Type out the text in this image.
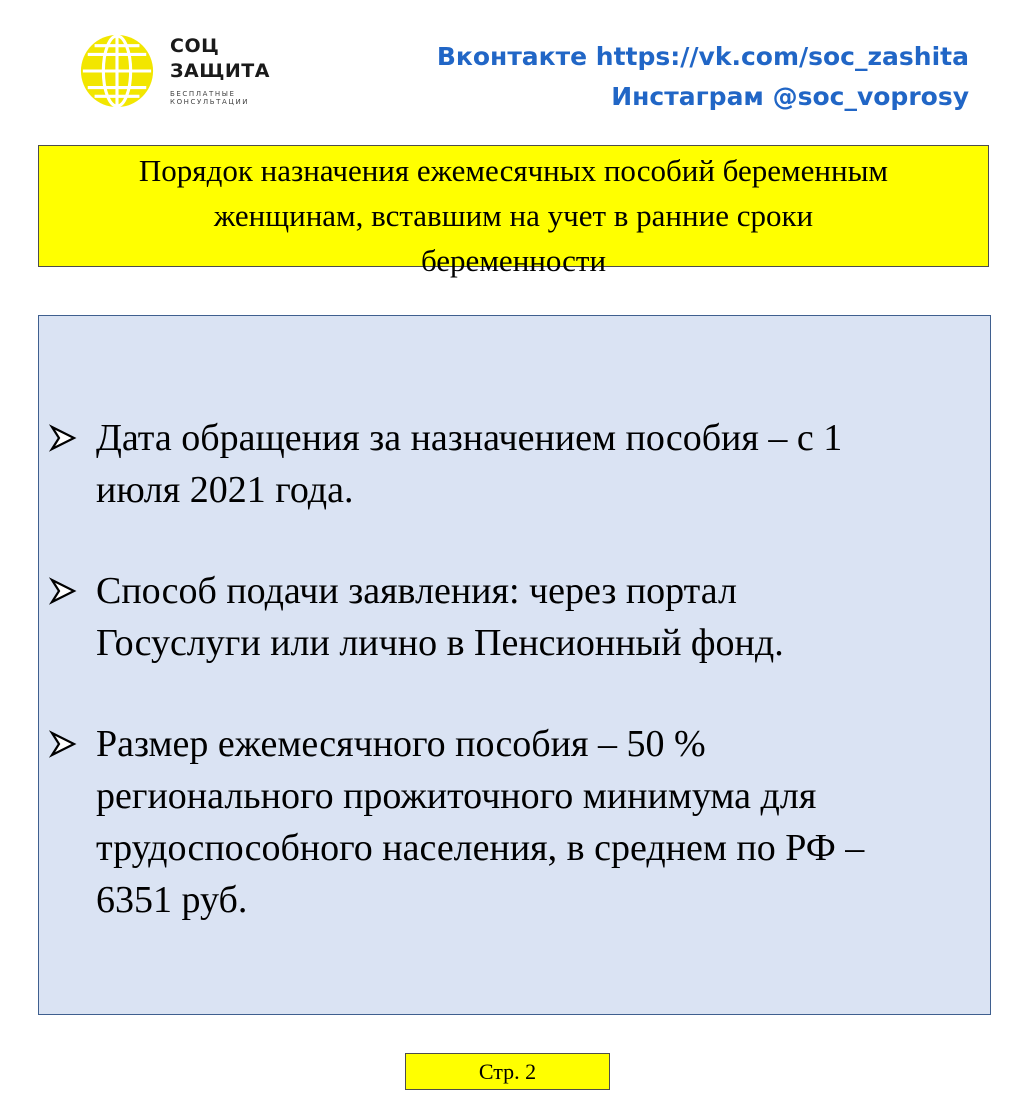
СОЦ
ЗАЩИТА
БЕСПЛАТНЫЕ КОНСУЛЬТАЦИИ
Вконтакте https://vk.com/soc_zashita
Инстаграм @soc_voprosy
Порядок назначения ежемесячных пособий беременным
женщинам, вставшим на учет в ранние сроки
беременности
Дата обращения за назначением пособия – с 1
июля 2021 года.
Способ подачи заявления: через портал
Госуслуги или лично в Пенсионный фонд.
Размер ежемесячного пособия – 50 %
регионального прожиточного минимума для
трудоспособного населения, в среднем по РФ –
6351 руб.
Стр. 2
